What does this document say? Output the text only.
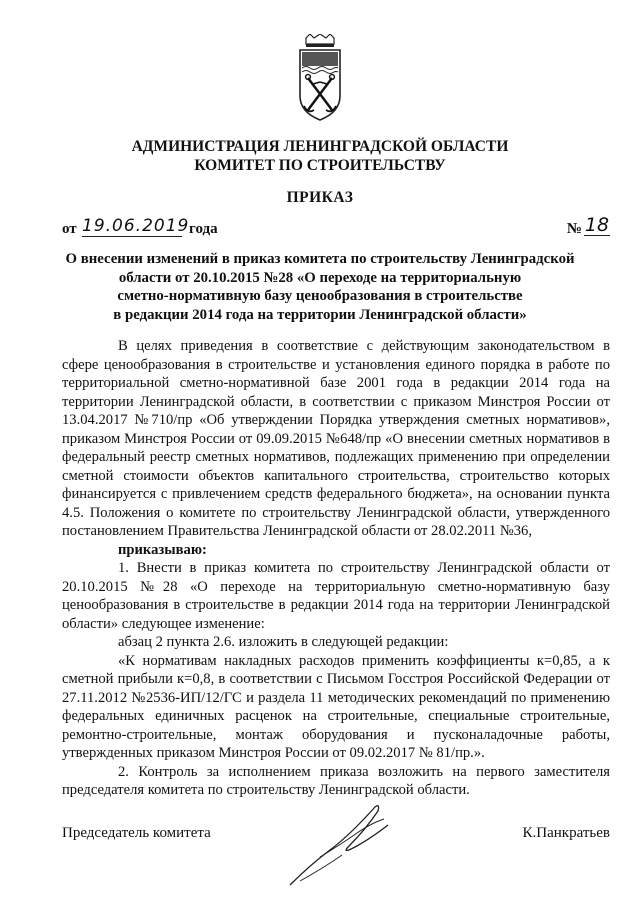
АДМИНИСТРАЦИЯ ЛЕНИНГРАДСКОЙ ОБЛАСТИ
КОМИТЕТ ПО СТРОИТЕЛЬСТВУ
ПРИКАЗ
от 19.06.2019 года	№ 18
О внесении изменений в приказ комитета по строительству Ленинградской
области от 20.10.2015 №28 «О переходе на территориальную
сметно-нормативную базу ценообразования в строительстве
в редакции 2014 года на территории Ленинградской области»

В целях приведения в соответствие с действующим законодательством в сфере ценообразования в строительстве и установления единого порядка в работе по территориальной сметно-нормативной базе 2001 года в редакции 2014 года на территории Ленинградской области, в соответствии с приказом Минстроя России от 13.04.2017 №710/пр «Об утверждении Порядка утверждения сметных нормативов», приказом Минстроя России от 09.09.2015 №648/пр «О внесении сметных нормативов в федеральный реестр сметных нормативов, подлежащих применению при определении сметной стоимости объектов капитального строительства, строительство которых финансируется с привлечением средств федерального бюджета», на основании пункта 4.5. Положения о комитете по строительству Ленинградской области, утвержденного постановлением Правительства Ленинградской области от 28.02.2011 №36,

приказываю:

1. Внести в приказ комитета по строительству Ленинградской области от 20.10.2015 №28 «О переходе на территориальную сметно-нормативную базу ценообразования в строительстве в редакции 2014 года на территории Ленинградской области» следующее изменение:

абзац 2 пункта 2.6. изложить в следующей редакции:

«К нормативам накладных расходов применить коэффициенты к=0,85, а к сметной прибыли к=0,8, в соответствии с Письмом Госстроя Российской Федерации от 27.11.2012 №2536-ИП/12/ГС и раздела 11 методических рекомендаций по применению федеральных единичных расценок на строительные, специальные строительные, ремонтно-строительные, монтаж оборудования и пусконаладочные работы, утвержденных приказом Минстроя России от 09.02.2017 № 81/пр.».

2. Контроль за исполнением приказа возложить на первого заместителя председателя комитета по строительству Ленинградской области.

Председатель комитета	К.Панкратьев
